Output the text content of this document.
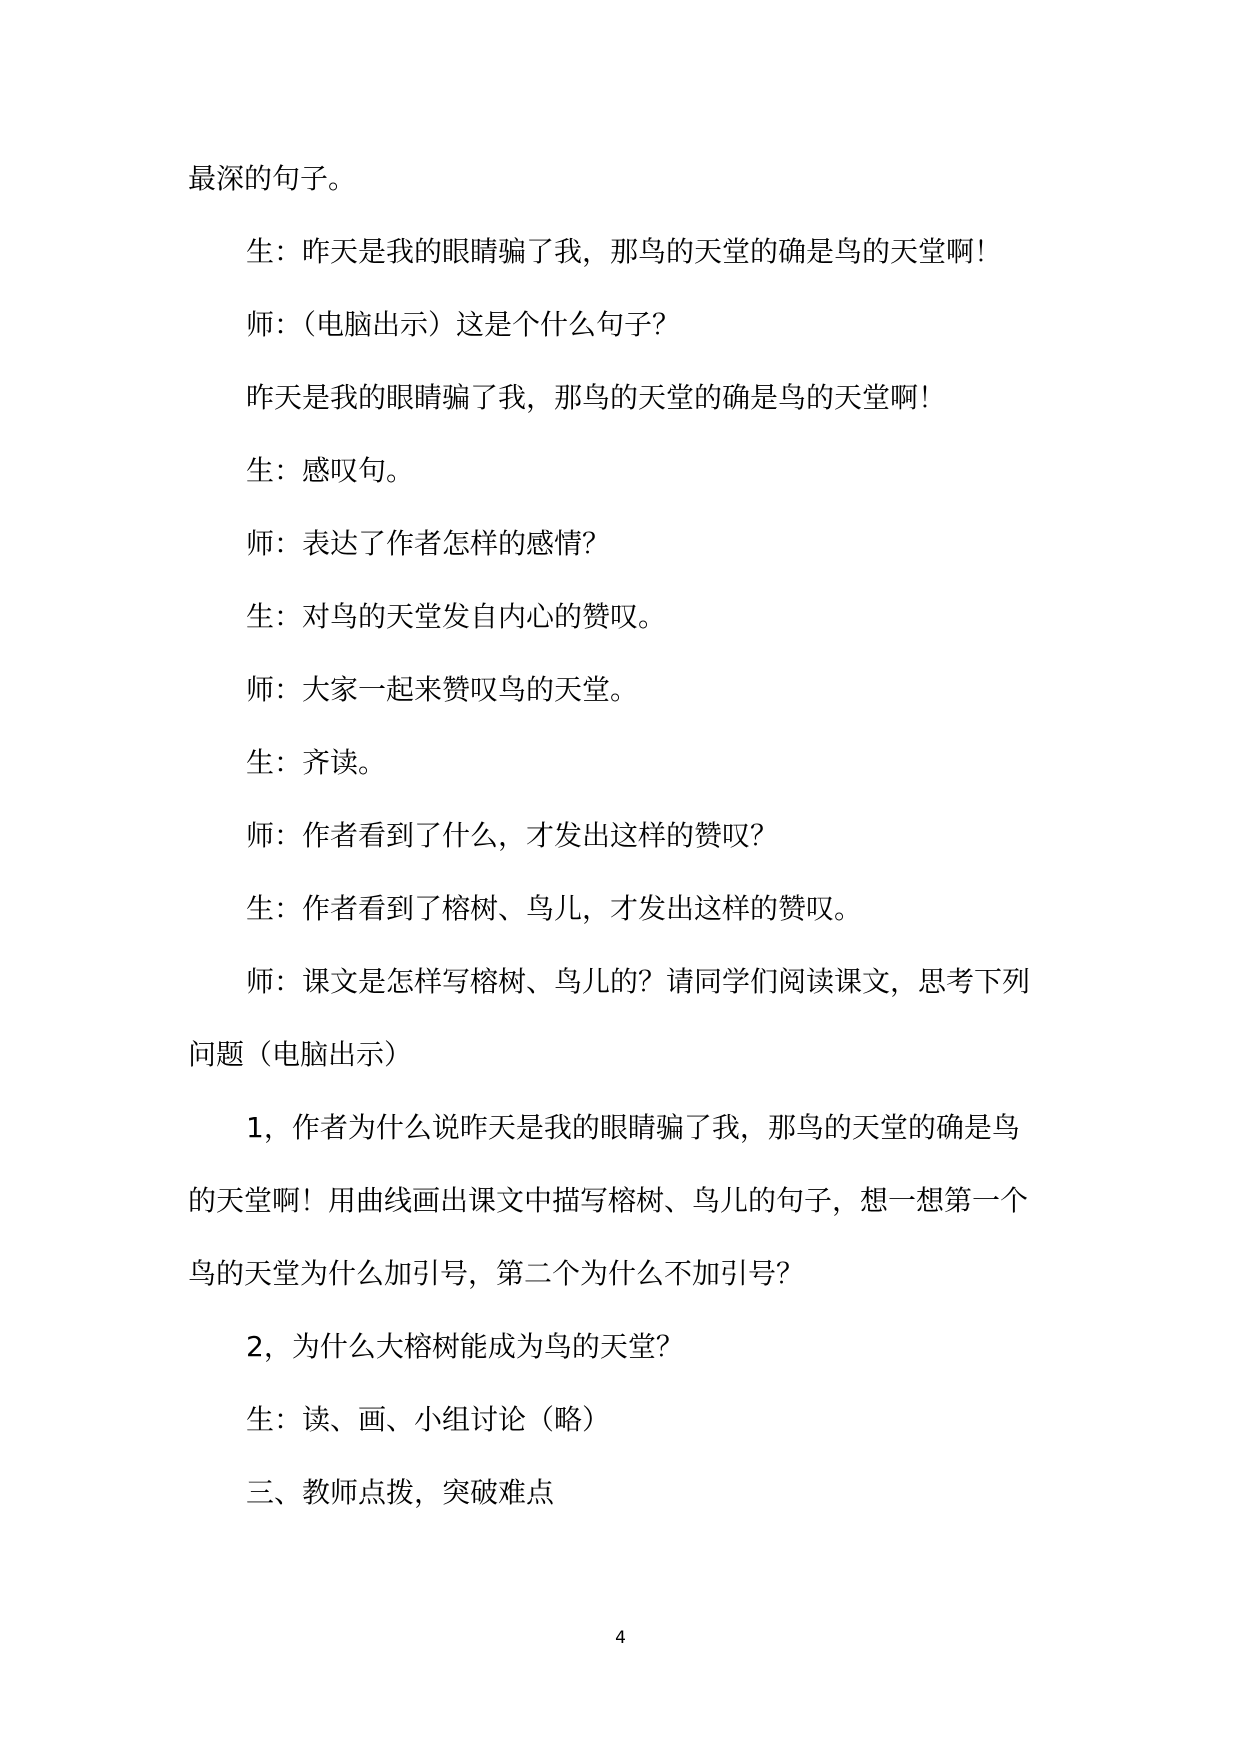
最深的句子。

生：昨天是我的眼睛骗了我，那鸟的天堂的确是鸟的天堂啊！

师：（电脑出示）这是个什么句子？

昨天是我的眼睛骗了我，那鸟的天堂的确是鸟的天堂啊！

生：感叹句。

师：表达了作者怎样的感情？

生：对鸟的天堂发自内心的赞叹。

师：大家一起来赞叹鸟的天堂。

生：齐读。

师：作者看到了什么，才发出这样的赞叹？

生：作者看到了榕树、鸟儿，才发出这样的赞叹。

师：课文是怎样写榕树、鸟儿的？请同学们阅读课文，思考下列

问题（电脑出示）

1，作者为什么说昨天是我的眼睛骗了我，那鸟的天堂的确是鸟

的天堂啊！用曲线画出课文中描写榕树、鸟儿的句子，想一想第一个

鸟的天堂为什么加引号，第二个为什么不加引号？

2，为什么大榕树能成为鸟的天堂？

生：读、画、小组讨论（略）

三、教师点拨，突破难点

4
